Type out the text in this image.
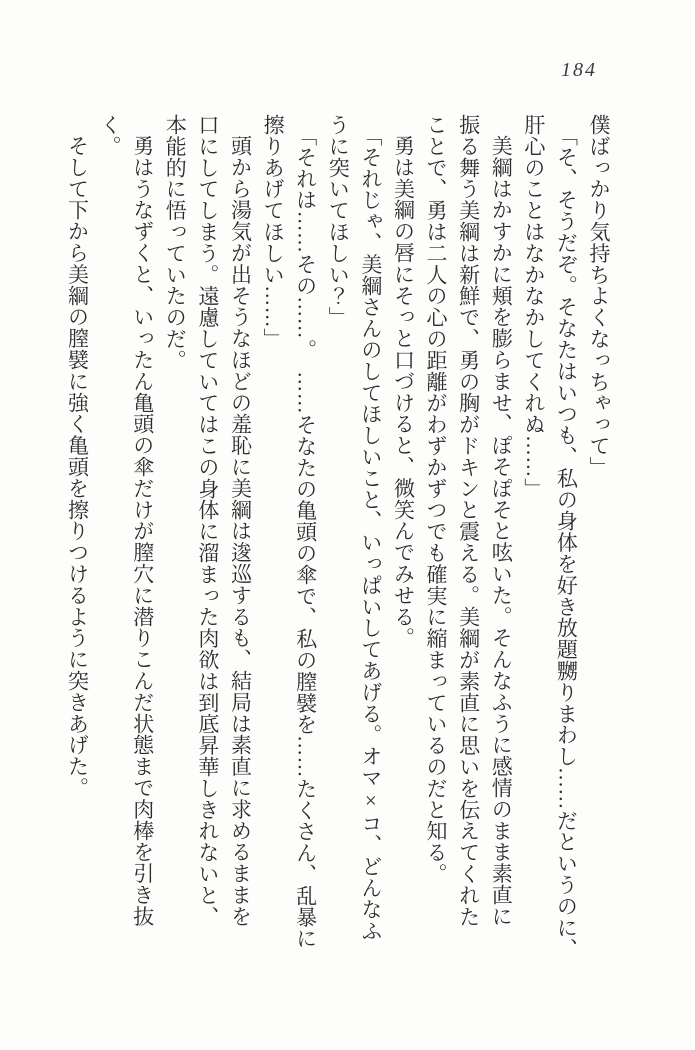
184

僕ばっかり気持ちよくなっちゃって」

「そ、そうだぞ。そなたはいつも、私の身体を好き放題嬲りまわし……だというのに、

肝心のことはなかなかしてくれぬ……」

美綱はかすかに頬を膨らませ、ぽそぽそと呟いた。そんなふうに感情のまま素直に

振る舞う美綱は新鮮で、勇の胸がドキンと震える。美綱が素直に思いを伝えてくれた

ことで、勇は二人の心の距離がわずかずつでも確実に縮まっているのだと知る。

勇は美綱の唇にそっと口づけると、微笑んでみせる。

「それじゃ、美綱さんのしてほしいこと、いっぱいしてあげる。オマ×コ、どんなふ

うに突いてほしい？」

「それは……その……。　……そなたの亀頭の傘で、私の膣襞を……たくさん、乱暴に

擦りあげてほしい……」

頭から湯気が出そうなほどの羞恥に美綱は逡巡するも、結局は素直に求めるままを

口にしてしまう。遠慮していてはこの身体に溜まった肉欲は到底昇華しきれないと、

本能的に悟っていたのだ。

勇はうなずくと、いったん亀頭の傘だけが膣穴に潜りこんだ状態まで肉棒を引き抜

く。

そして下から美綱の膣襞に強く亀頭を擦りつけるように突きあげた。
